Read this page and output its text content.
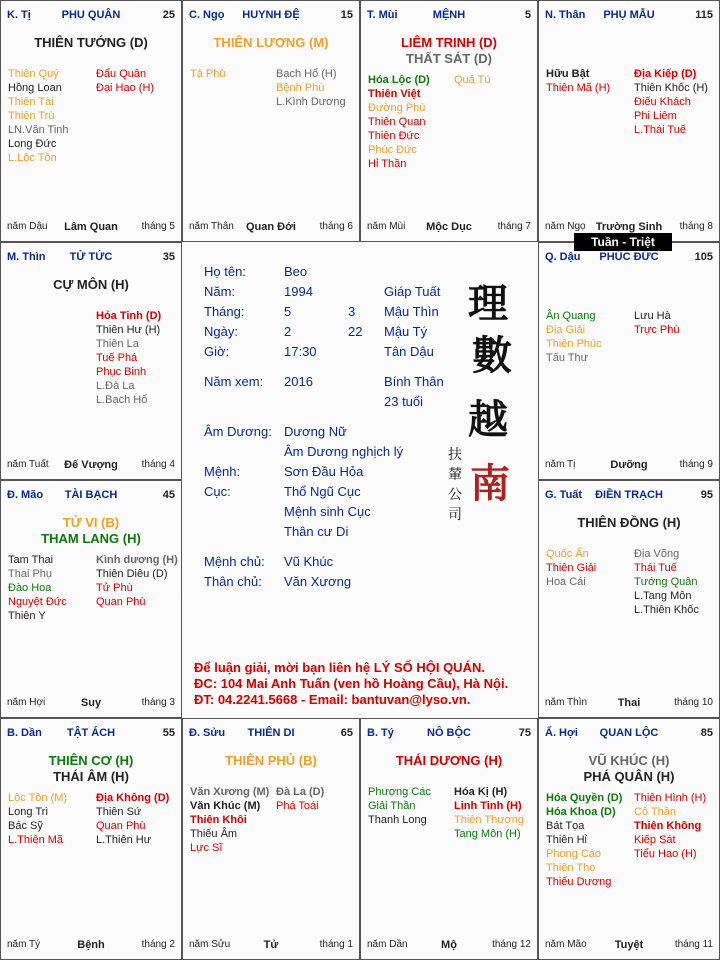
PHU QUÂN
K. Tị	25
THIÊN TƯỚNG (D)
Thiên Quý
Hồng Loan
Thiên Tài
Thiên Trù
LN.Văn Tinh
Long Đức
L.Lộc Tồn
Đẩu Quân
Đại Hao (H)
Lâm Quan
năm Dậu	tháng 5
HUYNH ĐỆ
C. Ngọ	15
THIÊN LƯƠNG (M)
Tả Phù	Bạch Hổ (H)
Bệnh Phù
L.Kình Dương
Quan Đới
năm Thân	tháng 6
MỆNH
T. Mùi	5
LIÊM TRINH (D)
THẤT SÁT (D)
Hóa Lộc (D)
Thiên Việt
Đường Phù
Thiên Quan
Thiên Đức
Phúc Đức
Hỉ Thần
Quả Tú
Mộc Dục
năm Mùi	tháng 7
PHỤ MẪU
N. Thân	115
Hữu Bật
Thiên Mã (H)
Địa Kiếp (D)
Thiên Khốc (H)
Điếu Khách
Phi Liêm
L.Thái Tuế
Trường Sinh
năm Ngọ	tháng 8
TỬ TỨC
M. Thìn	35
CỰ MÔN (H)
Hỏa Tinh (D)
Thiên Hư (H)
Thiên La
Tuế Phá
Phục Binh
L.Đà La
L.Bạch Hổ
Đế Vượng
năm Tuất	tháng 4
PHÚC ĐỨC
Q. Dậu	105
Ân Quang
Địa Giải
Thiên Phúc
Tấu Thư
Lưu Hà
Trực Phù
Dưỡng
năm Tị	tháng 9
TÀI BẠCH
Đ. Mão	45
TỬ VI (B)
THAM LANG (H)
Tam Thai
Thai Phụ
Đào Hoa
Nguyệt Đức
Thiên Y
Kình dương (H)
Thiên Diêu (D)
Tử Phù
Quan Phù
Suy
năm Hợi	tháng 3
ĐIỀN TRẠCH
G. Tuất	95
THIÊN ĐỒNG (H)
Quốc Ấn
Thiên Giải
Hoa Cái
Địa Võng
Thái Tuế
Tướng Quân
L.Tang Môn
L.Thiên Khốc
Thai
năm Thìn	tháng 10
TẬT ÁCH
B. Dần	55
THIÊN CƠ (H)
THÁI ÂM (H)
Lộc Tồn (M)
Long Trì
Bác Sỹ
L.Thiên Mã
Địa Không (D)
Thiên Sứ
Quan Phù
L.Thiên Hư
Bệnh
năm Tý	tháng 2
THIÊN DI
Đ. Sửu	65
THIÊN PHỦ (B)
Văn Xương (M)
Văn Khúc (M)
Thiên Khôi
Thiếu Âm
Lực Sĩ
Đà La (D)
Phá Toái
Tử
năm Sửu	tháng 1
NÔ BỘC
B. Tý	75
THÁI DƯƠNG (H)
Phượng Các
Giải Thần
Thanh Long
Hóa Kị (H)
Linh Tinh (H)
Thiên Thương
Tang Môn (H)
Mộ
năm Dần	tháng 12
QUAN LỘC
Ấ. Hợi	85
VŨ KHÚC (H)
PHÁ QUÂN (H)
Hóa Quyền (D)
Hóa Khoa (D)
Bát Tọa
Thiên Hỉ
Phong Cáo
Thiên Thọ
Thiếu Dương
Thiên Hình (H)
Cô Thần
Thiên Không
Kiếp Sát
Tiểu Hao (H)
Tuyệt
năm Mão	tháng 11
Tuần - Triệt
Họ tên:	Beo
Năm:	1994	Giáp Tuất
Tháng:	5	3 Mậu Thìn
Ngày:	2	22 Mậu Tý
Giờ:	17:30	Tân Dậu
Năm xem: 2016	Bính Thân
23 tuổi
Âm Dương: Dương Nữ
Âm Dương nghịch lý
Mệnh:	Sơn Đầu Hỏa
Cục:	Thổ Ngũ Cục
Mệnh sinh Cục
Thân cư Di
Mệnh chủ: Vũ Khúc
Thân chủ: Văn Xương
理
數
越
南
扶
輦
公
司
Để luận giải, mời bạn liên hệ LÝ SỐ HỘI QUÁN.
ĐC: 104 Mai Anh Tuấn (ven hồ Hoàng Cầu), Hà Nội.
ĐT: 04.2241.5668 - Email: bantuvan@lyso.vn.
